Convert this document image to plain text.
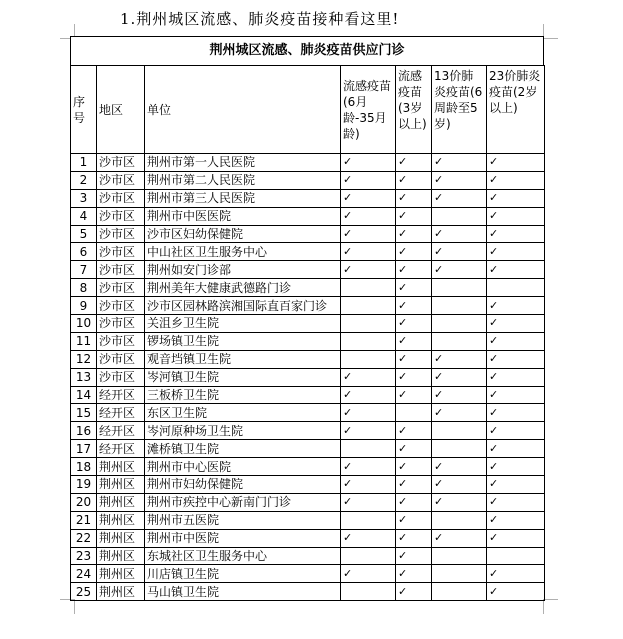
1.荆州城区流感、肺炎疫苗接种看这里!
荆州城区流感、肺炎疫苗供应门诊
序号	地区	单位	流感疫苗(6月龄-35月龄)	流感疫苗(3岁以上)	13价肺炎疫苗(6周龄至5岁)	23价肺炎疫苗(2岁以上)
1	沙市区	荆州市第一人民医院	✓	✓	✓	✓
2	沙市区	荆州市第二人民医院	✓	✓	✓	✓
3	沙市区	荆州市第三人民医院	✓	✓	✓	✓
4	沙市区	荆州市中医医院	✓	✓		✓
5	沙市区	沙市区妇幼保健院	✓	✓	✓	✓
6	沙市区	中山社区卫生服务中心	✓	✓	✓	✓
7	沙市区	荆州如安门诊部	✓	✓	✓	✓
8	沙市区	荆州美年大健康武德路门诊		✓		
9	沙市区	沙市区园林路滨湘国际直百家门诊		✓		✓
10	沙市区	关沮乡卫生院		✓		✓
11	沙市区	锣场镇卫生院		✓		✓
12	沙市区	观音垱镇卫生院		✓	✓	✓
13	沙市区	岑河镇卫生院	✓	✓	✓	✓
14	经开区	三板桥卫生院	✓	✓	✓	✓
15	经开区	东区卫生院	✓		✓	✓
16	经开区	岑河原种场卫生院	✓	✓		✓
17	经开区	滩桥镇卫生院		✓		✓
18	荆州区	荆州市中心医院	✓	✓	✓	✓
19	荆州区	荆州市妇幼保健院	✓	✓	✓	✓
20	荆州区	荆州市疾控中心新南门门诊	✓	✓	✓	✓
21	荆州区	荆州市五医院		✓		✓
22	荆州区	荆州市中医院	✓	✓	✓	✓
23	荆州区	东城社区卫生服务中心		✓		
24	荆州区	川店镇卫生院	✓	✓		✓
25	荆州区	马山镇卫生院		✓		✓
